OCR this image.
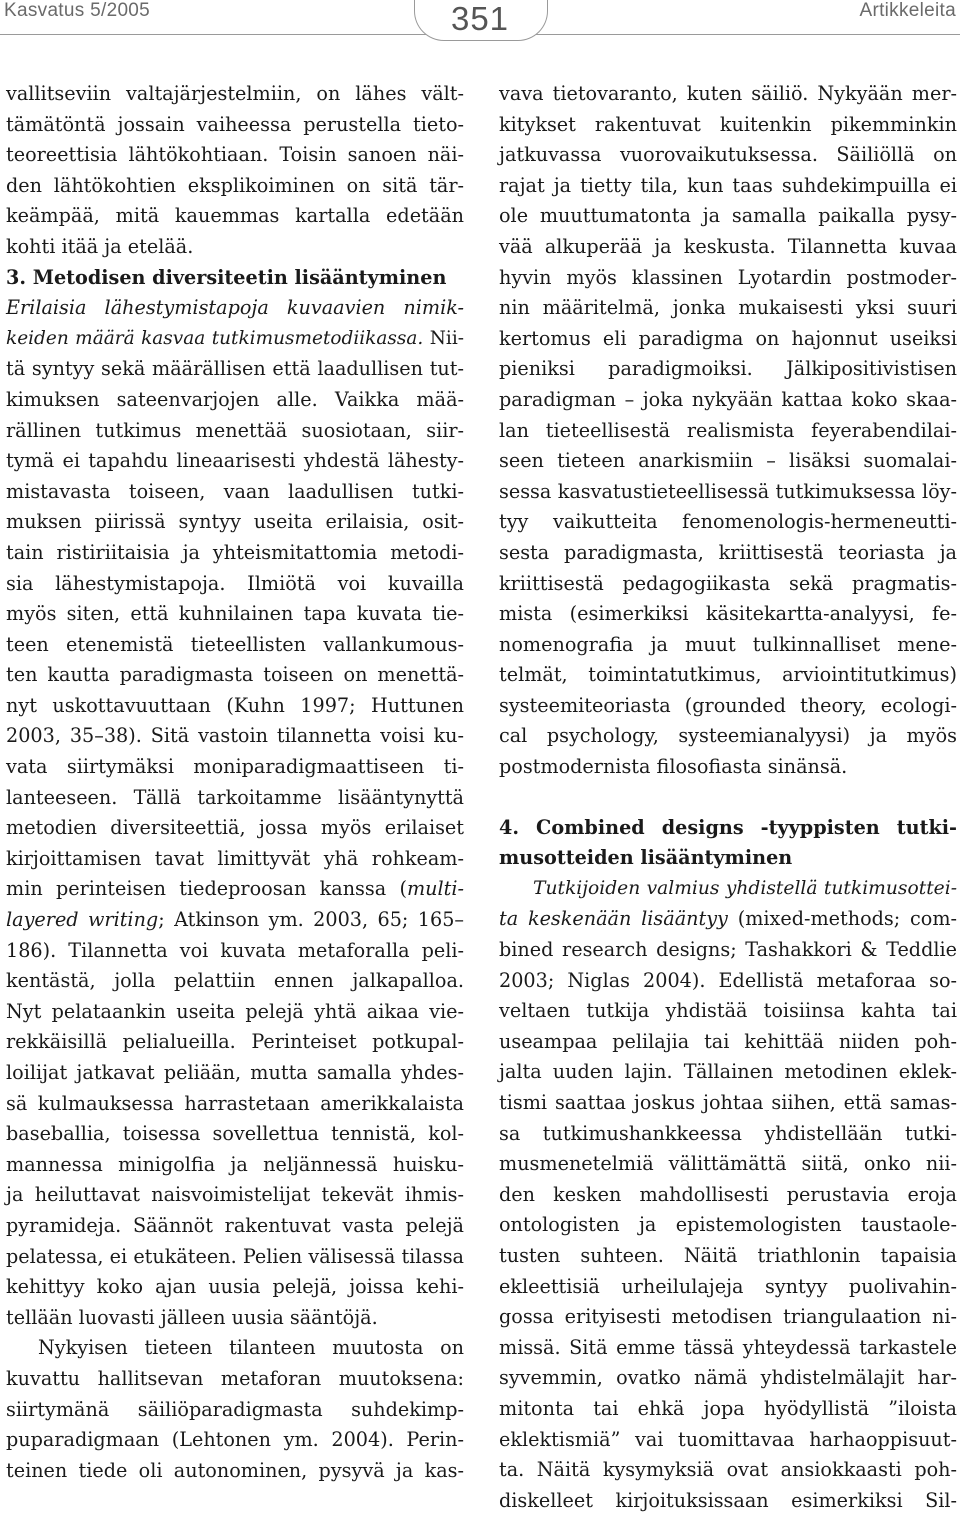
Kasvatus 5/2005	351	Artikkeleita

vallitseviin valtajärjestelmiin, on lähes vält-
tämätöntä jossain vaiheessa perustella tieto-
teoreettisia lähtökohtiaan. Toisin sanoen näi-
den lähtökohtien eksplikoiminen on sitä tär-
keämpää, mitä kauemmas kartalla edetään
kohti itää ja etelää.

3. Metodisen diversiteetin lisääntyminen

Erilaisia lähestymistapoja kuvaavien nimik-
keiden määrä kasvaa tutkimusmetodiikassa. Nii-
tä syntyy sekä määrällisen että laadullisen tut-
kimuksen sateenvarjojen alle. Vaikka mää-
rällinen tutkimus menettää suosiotaan, siir-
tymä ei tapahdu lineaarisesti yhdestä lähesty-
mistavasta toiseen, vaan laadullisen tutki-
muksen piirissä syntyy useita erilaisia, osit-
tain ristiriitaisia ja yhteismitattomia metodi-
sia lähestymistapoja. Ilmiötä voi kuvailla
myös siten, että kuhnilainen tapa kuvata tie-
teen etenemistä tieteellisten vallankumous-
ten kautta paradigmasta toiseen on menettä-
nyt uskottavuuttaan (Kuhn 1997; Huttunen
2003, 35–38). Sitä vastoin tilannetta voisi ku-
vata siirtymäksi moniparadigmaattiseen ti-
lanteeseen. Tällä tarkoitamme lisääntynyttä
metodien diversiteettiä, jossa myös erilaiset
kirjoittamisen tavat limittyvät yhä rohkeam-
min perinteisen tiedeproosan kanssa (multi-
layered writing; Atkinson ym. 2003, 65; 165–
186). Tilannetta voi kuvata metaforalla peli-
kentästä, jolla pelattiin ennen jalkapalloa.
Nyt pelataankin useita pelejä yhtä aikaa vie-
rekkäisillä pelialueilla. Perinteiset potkupal-
loilijat jatkavat peliään, mutta samalla yhdes-
sä kulmauksessa harrastetaan amerikkalaista
baseballia, toisessa sovellettua tennistä, kol-
mannessa minigolfia ja neljännessä huisku-
ja heiluttavat naisvoimistelijat tekevät ihmis-
pyramideja. Säännöt rakentuvat vasta pelejä
pelatessa, ei etukäteen. Pelien välisessä tilassa
kehittyy koko ajan uusia pelejä, joissa kehi-
tellään luovasti jälleen uusia sääntöjä.

Nykyisen tieteen tilanteen muutosta on
kuvattu hallitsevan metaforan muutoksena:
siirtymänä säiliöparadigmasta suhdekimp-
puparadigmaan (Lehtonen ym. 2004). Perin-
teinen tiede oli autonominen, pysyvä ja kas-

vava tietovaranto, kuten säiliö. Nykyään mer-
kitykset rakentuvat kuitenkin pikemminkin
jatkuvassa vuorovaikutuksessa. Säiliöllä on
rajat ja tietty tila, kun taas suhdekimpuilla ei
ole muuttumatonta ja samalla paikalla pysy-
vää alkuperää ja keskusta. Tilannetta kuvaa
hyvin myös klassinen Lyotardin postmoder-
nin määritelmä, jonka mukaisesti yksi suuri
kertomus eli paradigma on hajonnut useiksi
pieniksi paradigmoiksi. Jälkipositivistisen
paradigman – joka nykyään kattaa koko skaa-
lan tieteellisestä realismista feyerabendilai-
seen tieteen anarkismiin – lisäksi suomalai-
sessa kasvatustieteellisessä tutkimuksessa löy-
tyy vaikutteita fenomenologis-hermeneutti-
sesta paradigmasta, kriittisestä teoriasta ja
kriittisestä pedagogiikasta sekä pragmatis-
mista (esimerkiksi käsitekartta-analyysi, fe-
nomenografia ja muut tulkinnalliset mene-
telmät, toimintatutkimus, arviointitutkimus)
systeemiteoriasta (grounded theory, ecologi-
cal psychology, systeemianalyysi) ja myös
postmodernista filosofiasta sinänsä.

4. Combined designs -tyyppisten tutki-
musotteiden lisääntyminen

Tutkijoiden valmius yhdistellä tutkimusottei-
ta keskenään lisääntyy (mixed-methods; com-
bined research designs; Tashakkori & Teddlie
2003; Niglas 2004). Edellistä metaforaa so-
veltaen tutkija yhdistää toisiinsa kahta tai
useampaa pelilajia tai kehittää niiden poh-
jalta uuden lajin. Tällainen metodinen eklek-
tismi saattaa joskus johtaa siihen, että samas-
sa tutkimushankkeessa yhdistellään tutki-
musmenetelmiä välittämättä siitä, onko nii-
den kesken mahdollisesti perustavia eroja
ontologisten ja epistemologisten taustaole-
tusten suhteen. Näitä triathlonin tapaisia
ekleettisiä urheilulajeja syntyy puolivahin-
gossa erityisesti metodisen triangulaation ni-
missä. Sitä emme tässä yhteydessä tarkastele
syvemmin, ovatko nämä yhdistelmälajit har-
mitonta tai ehkä jopa hyödyllistä ”iloista
eklektismiä” vai tuomittavaa harhaoppisuut-
ta. Näitä kysymyksiä ovat ansiokkaasti poh-
diskelleet kirjoituksissaan esimerkiksi Sil-
